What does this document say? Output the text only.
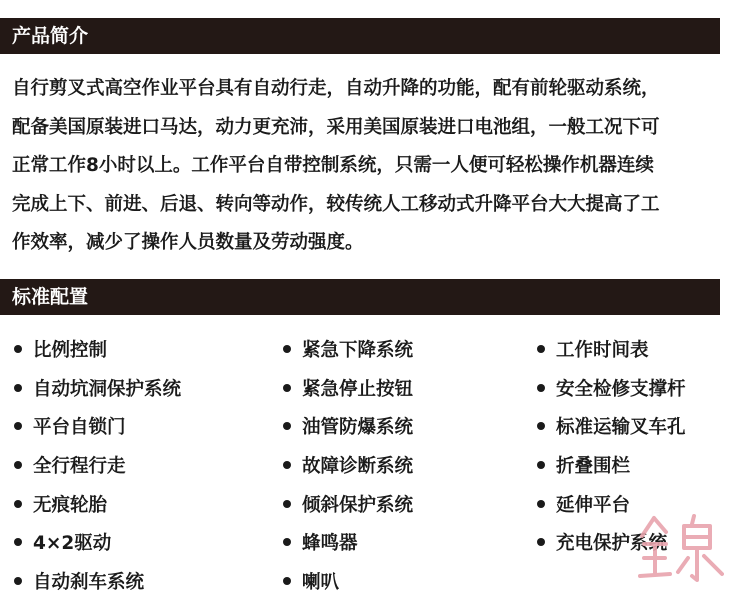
产品简介

自行剪叉式高空作业平台具有自动行走，自动升降的功能，配有前轮驱动系统，
配备美国原装进口马达，动力更充沛，采用美国原装进口电池组，一般工况下可
正常工作8小时以上。工作平台自带控制系统，只需一人便可轻松操作机器连续
完成上下、前进、后退、转向等动作，较传统人工移动式升降平台大大提高了工
作效率，减少了操作人员数量及劳动强度。

标准配置
比例控制
自动坑洞保护系统
平台自锁门
全行程行走
无痕轮胎
4×2驱动
自动刹车系统
紧急下降系统
紧急停止按钮
油管防爆系统
故障诊断系统
倾斜保护系统
蜂鸣器
喇叭
工作时间表
安全检修支撑杆
标准运输叉车孔
折叠围栏
延伸平台
充电保护系统
